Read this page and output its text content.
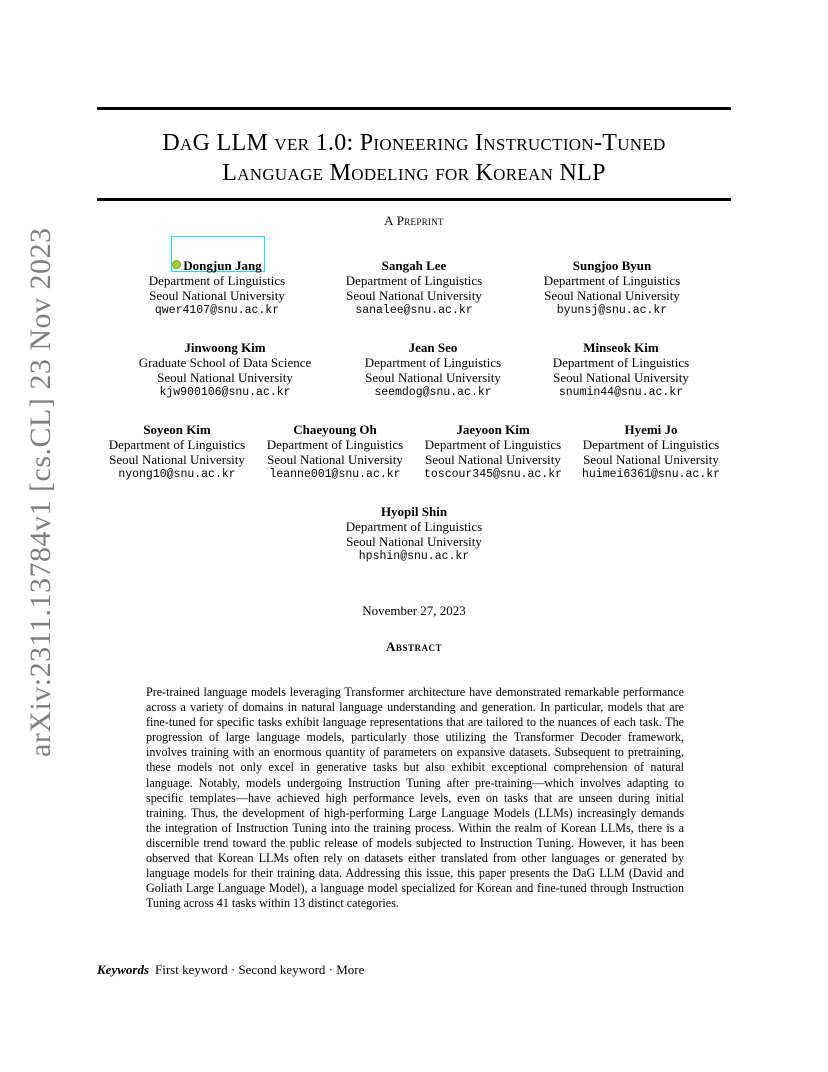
arXiv:2311.13784v1 [cs.CL] 23 Nov 2023
DaG LLM ver 1.0: Pioneering Instruction-Tuned
Language Modeling for Korean NLP
A Preprint
Dongjun Jang
Department of Linguistics
Seoul National University
qwer4107@snu.ac.kr
Sangah Lee
Department of Linguistics
Seoul National University
sanalee@snu.ac.kr
Sungjoo Byun
Department of Linguistics
Seoul National University
byunsj@snu.ac.kr
Jinwoong Kim
Graduate School of Data Science
Seoul National University
kjw900106@snu.ac.kr
Jean Seo
Department of Linguistics
Seoul National University
seemdog@snu.ac.kr
Minseok Kim
Department of Linguistics
Seoul National University
snumin44@snu.ac.kr
Soyeon Kim
Department of Linguistics
Seoul National University
nyong10@snu.ac.kr
Chaeyoung Oh
Department of Linguistics
Seoul National University
leanne001@snu.ac.kr
Jaeyoon Kim
Department of Linguistics
Seoul National University
toscour345@snu.ac.kr
Hyemi Jo
Department of Linguistics
Seoul National University
huimei6361@snu.ac.kr
Hyopil Shin
Department of Linguistics
Seoul National University
hpshin@snu.ac.kr
November 27, 2023
Abstract
Pre-trained language models leveraging Transformer architecture have demonstrated remarkable performance across a variety of domains in natural language understanding and generation. In particular, models that are fine-tuned for specific tasks exhibit language representations that are tailored to the nuances of each task. The progression of large language models, particularly those utilizing the Transformer Decoder framework, involves training with an enormous quantity of parameters on expansive datasets. Subsequent to pretraining, these models not only excel in generative tasks but also exhibit exceptional comprehension of natural language. Notably, models undergoing Instruction Tuning after pre-training—which involves adapting to specific templates—have achieved high performance levels, even on tasks that are unseen during initial training. Thus, the development of high-performing Large Language Models (LLMs) increasingly demands the integration of Instruction Tuning into the training process. Within the realm of Korean LLMs, there is a discernible trend toward the public release of models subjected to Instruction Tuning. However, it has been observed that Korean LLMs often rely on datasets either translated from other languages or generated by language models for their training data. Addressing this issue, this paper presents the DaG LLM (David and Goliath Large Language Model), a language model specialized for Korean and fine-tuned through Instruction Tuning across 41 tasks within 13 distinct categories.
Keywords First keyword · Second keyword · More
